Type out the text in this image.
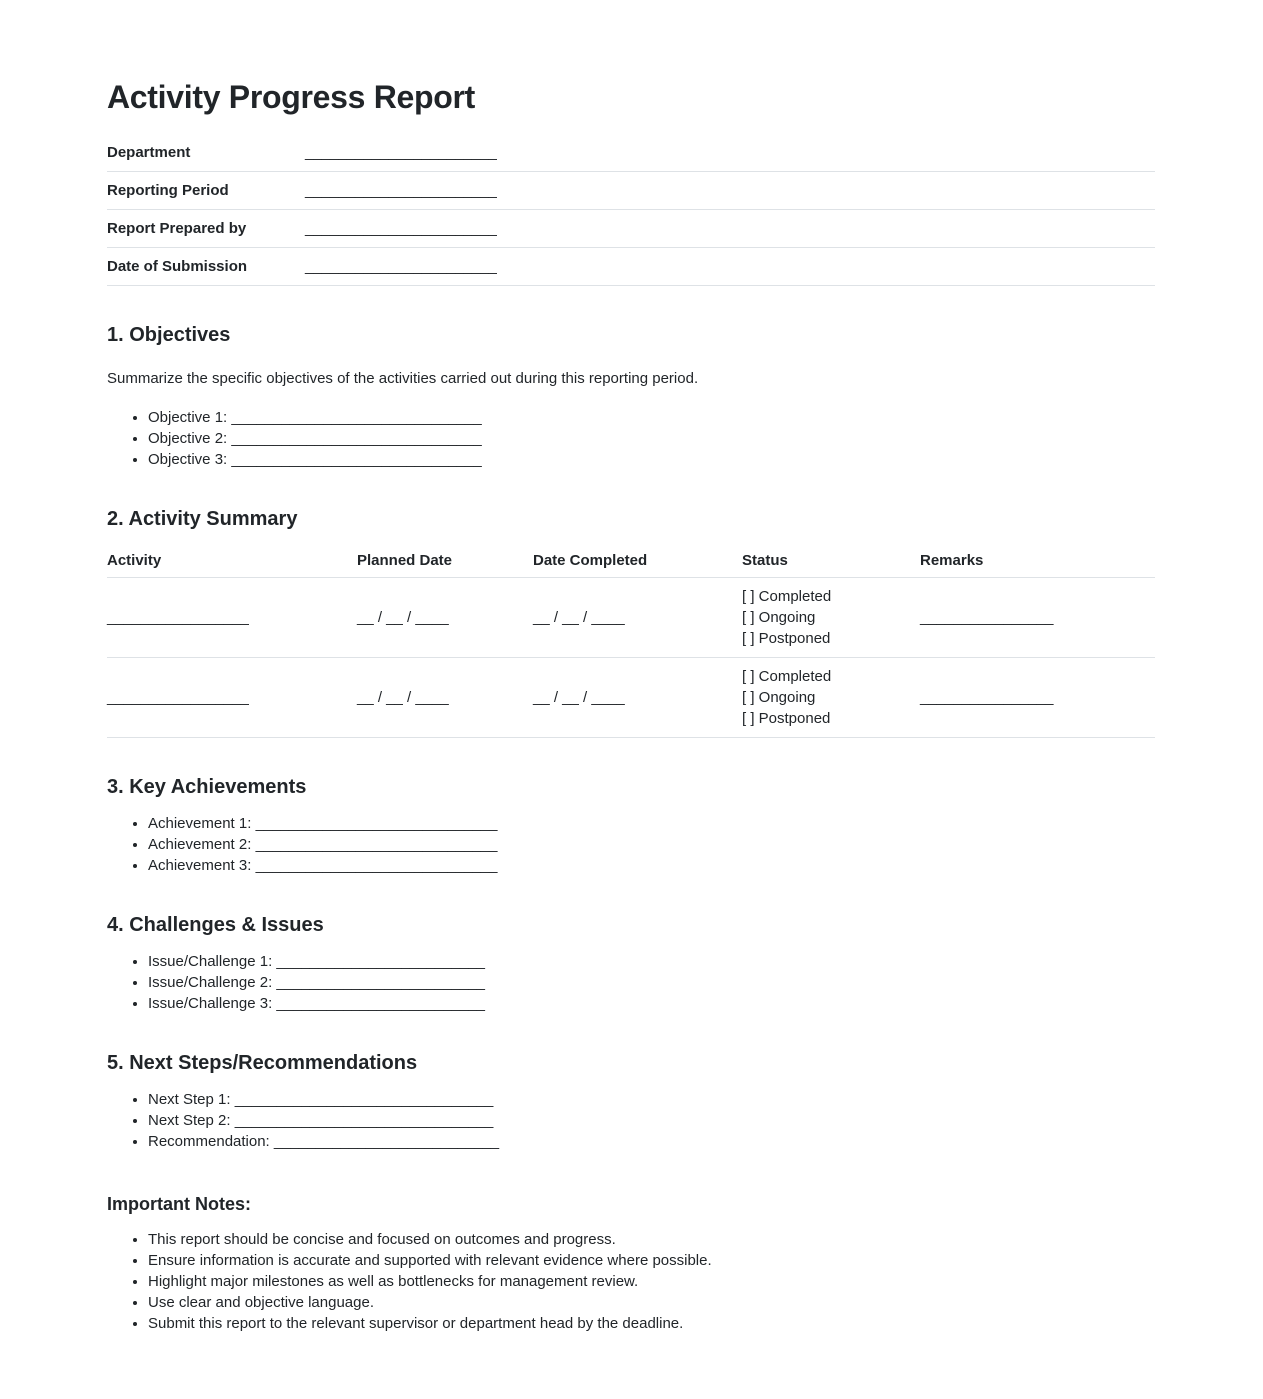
Activity Progress Report
Department	_______________________
Reporting Period	_______________________
Report Prepared by	_______________________
Date of Submission	_______________________
1. Objectives

Summarize the specific objectives of the activities carried out during this reporting period.

• Objective 1: ______________________________
• Objective 2: ______________________________
• Objective 3: ______________________________
2. Activity Summary
Activity	Planned Date	Date Completed	Status	Remarks
_________________	__ / __ / ____	__ / __ / ____	[ ] Completed
[ ] Ongoing
[ ] Postponed	________________
_________________	__ / __ / ____	__ / __ / ____	[ ] Completed
[ ] Ongoing
[ ] Postponed	________________
3. Key Achievements
• Achievement 1: _____________________________
• Achievement 2: _____________________________
• Achievement 3: _____________________________
4. Challenges & Issues
• Issue/Challenge 1: _________________________
• Issue/Challenge 2: _________________________
• Issue/Challenge 3: _________________________
5. Next Steps/Recommendations
• Next Step 1: _______________________________
• Next Step 2: _______________________________
• Recommendation: ___________________________
Important Notes:
• This report should be concise and focused on outcomes and progress.
• Ensure information is accurate and supported with relevant evidence where possible.
• Highlight major milestones as well as bottlenecks for management review.
• Use clear and objective language.
• Submit this report to the relevant supervisor or department head by the deadline.
